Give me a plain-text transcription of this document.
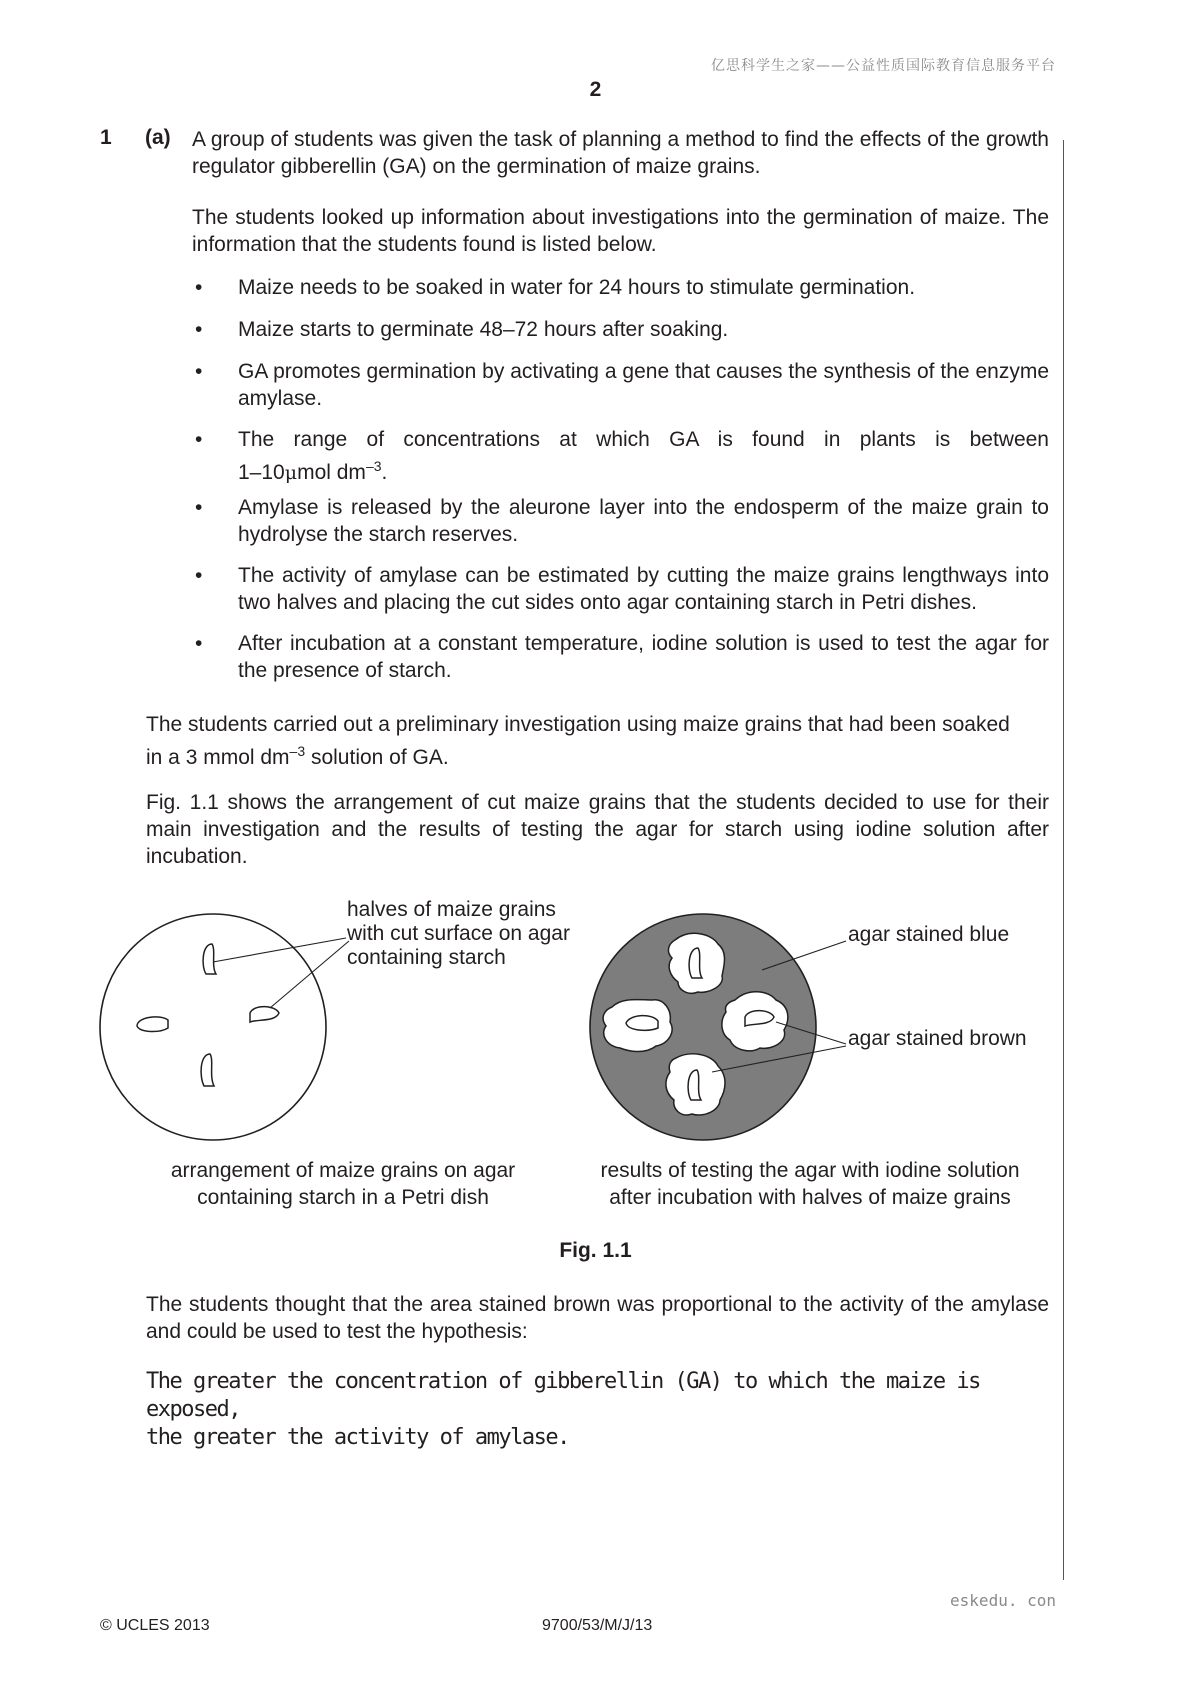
亿思科学生之家——公益性质国际教育信息服务平台
2
1 (a) A group of students was given the task of planning a method to find the effects of the growth regulator gibberellin (GA) on the germination of maize grains.
The students looked up information about investigations into the germination of maize. The information that the students found is listed below.
• Maize needs to be soaked in water for 24 hours to stimulate germination.
• Maize starts to germinate 48–72 hours after soaking.
• GA promotes germination by activating a gene that causes the synthesis of the enzyme amylase.
• The range of concentrations at which GA is found in plants is between
1–10μmol $dm^{-3}$.
• Amylase is released by the aleurone layer into the endosperm of the maize grain to hydrolyse the starch reserves.
• The activity of amylase can be estimated by cutting the maize grains lengthways into two halves and placing the cut sides onto agar containing starch in Petri dishes.
• After incubation at a constant temperature, iodine solution is used to test the agar for the presence of starch.
The students carried out a preliminary investigation using maize grains that had been soaked
in a 3 mmol $dm^{-3}$ solution of GA.
Fig. 1.1 shows the arrangement of cut maize grains that the students decided to use for their main investigation and the results of testing the agar for starch using iodine solution after incubation.
halves of maize grains
with cut surface on agar
containing starch
agar stained blue
agar stained brown
arrangement of maize grains on agar
containing starch in a Petri dish
results of testing the agar with iodine solution
after incubation with halves of maize grains
Fig. 1.1
The students thought that the area stained brown was proportional to the activity of the amylase and could be used to test the hypothesis:
The greater the concentration of gibberellin (GA) to which the maize is exposed,
the greater the activity of amylase.
eskedu. con
© UCLES 2013	9700/53/M/J/13
